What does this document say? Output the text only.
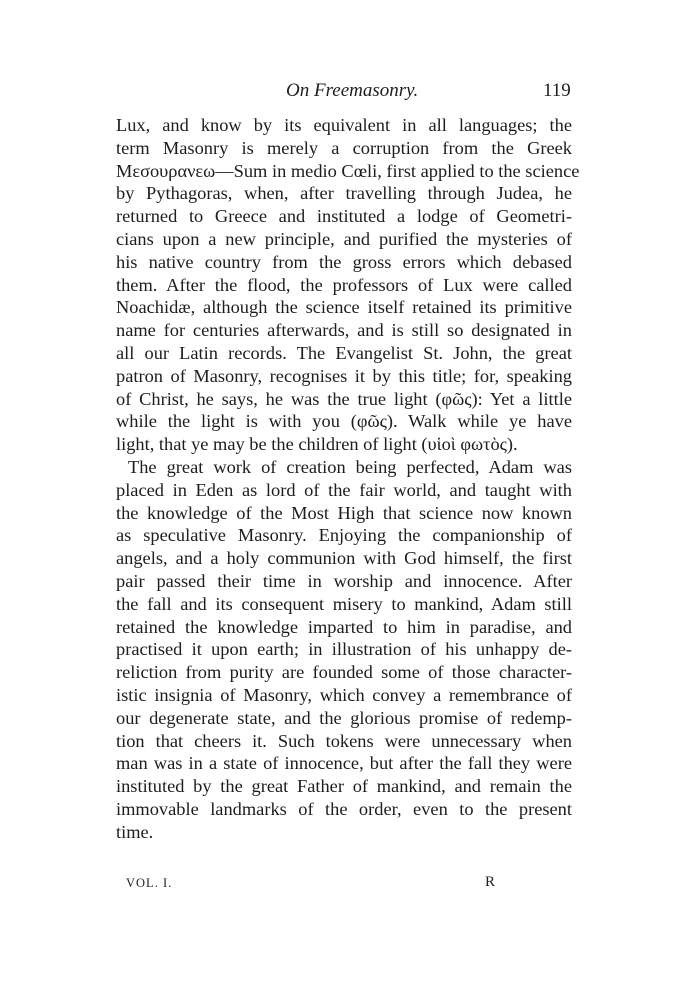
On Freemasonry.	119
Lux, and know by its equivalent in all languages; the
term Masonry is merely a corruption from the Greek
Μεσουρανεω—Sum in medio Cœli, first applied to the science
by Pythagoras, when, after travelling through Judea, he
returned to Greece and instituted a lodge of Geometri-
cians upon a new principle, and purified the mysteries of
his native country from the gross errors which debased
them. After the flood, the professors of Lux were called
Noachidæ, although the science itself retained its primitive
name for centuries afterwards, and is still so designated in
all our Latin records. The Evangelist St. John, the great
patron of Masonry, recognises it by this title; for, speaking
of Christ, he says, he was the true light (φῶς): Yet a little
while the light is with you (φῶς). Walk while ye have
light, that ye may be the children of light (υἱοὶ φωτὸς).
The great work of creation being perfected, Adam was
placed in Eden as lord of the fair world, and taught with
the knowledge of the Most High that science now known
as speculative Masonry. Enjoying the companionship of
angels, and a holy communion with God himself, the first
pair passed their time in worship and innocence. After
the fall and its consequent misery to mankind, Adam still
retained the knowledge imparted to him in paradise, and
practised it upon earth; in illustration of his unhappy de-
reliction from purity are founded some of those character-
istic insignia of Masonry, which convey a remembrance of
our degenerate state, and the glorious promise of redemp-
tion that cheers it. Such tokens were unnecessary when
man was in a state of innocence, but after the fall they were
instituted by the great Father of mankind, and remain the
immovable landmarks of the order, even to the present
time.
VOL. I.	R
